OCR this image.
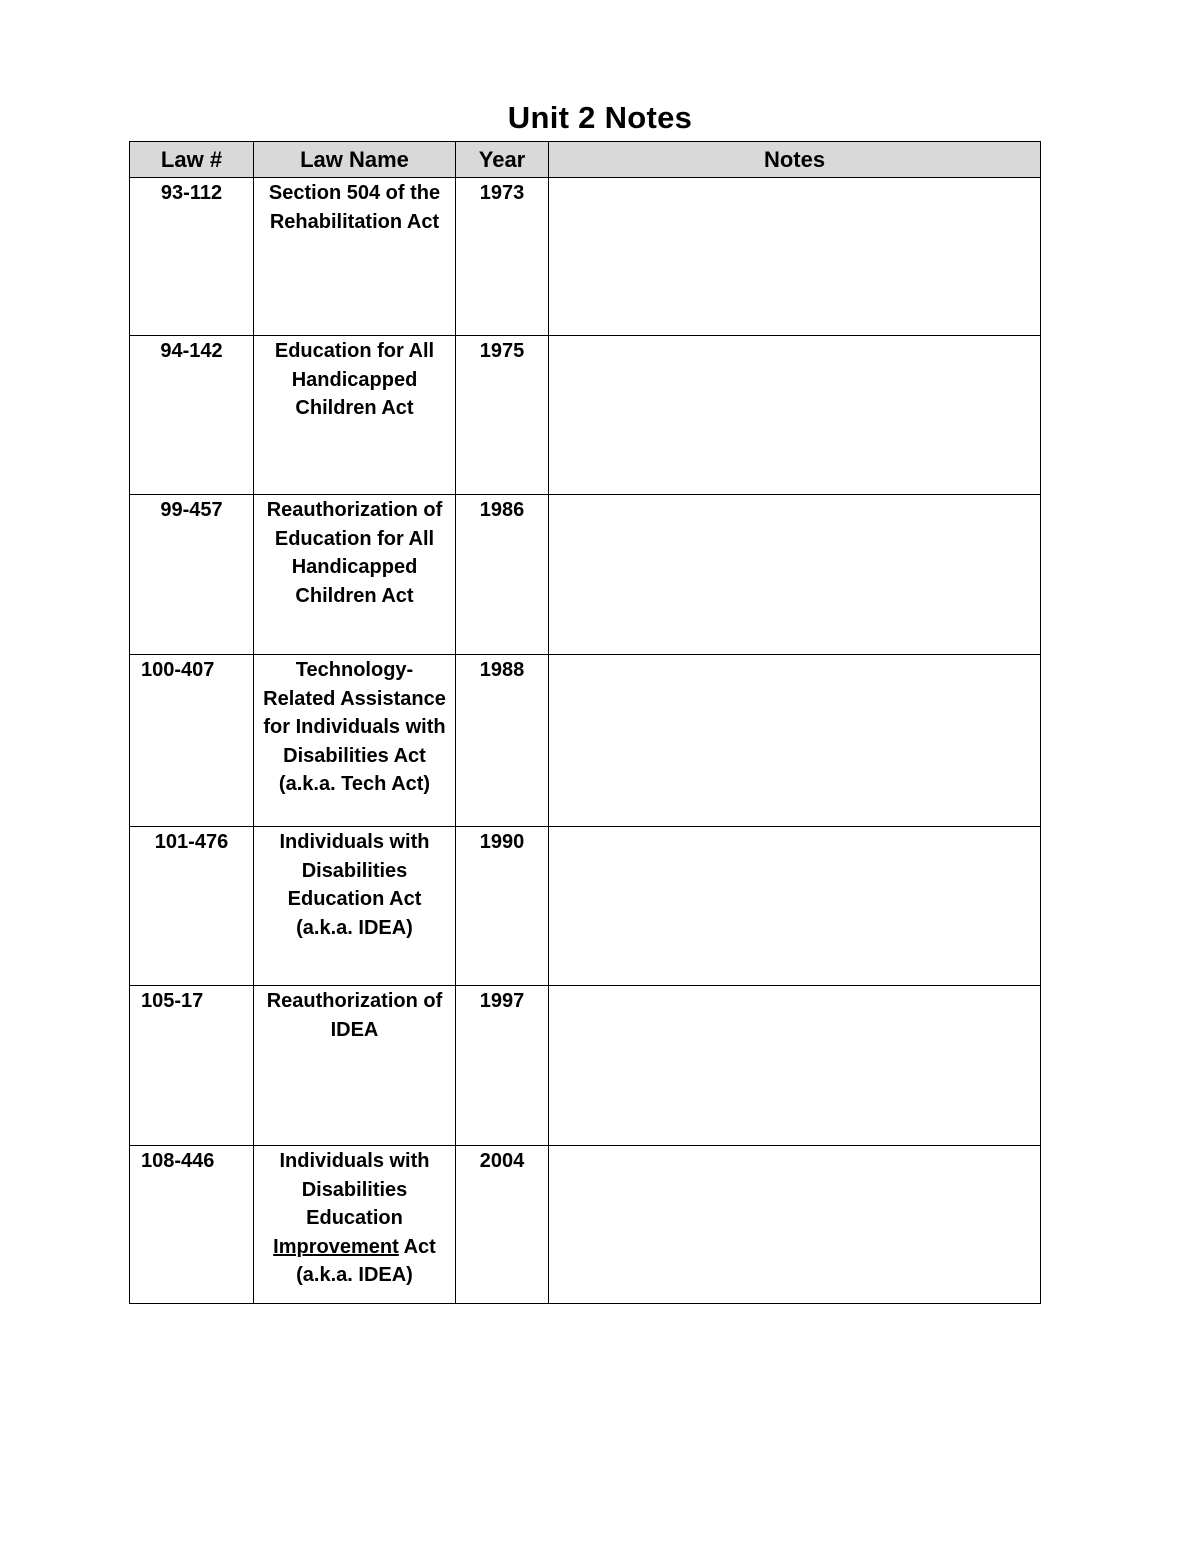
Unit 2 Notes
Law #	Law Name	Year	Notes
93-112	Section 504 of the Rehabilitation Act	1973	
94-142	Education for All Handicapped Children Act	1975	
99-457	Reauthorization of Education for All Handicapped Children Act	1986	
100-407	Technology-Related Assistance for Individuals with Disabilities Act (a.k.a. Tech Act)	1988	
101-476	Individuals with Disabilities Education Act (a.k.a. IDEA)	1990	
105-17	Reauthorization of IDEA	1997	
108-446	Individuals with Disabilities Education Improvement Act (a.k.a. IDEA)	2004	
